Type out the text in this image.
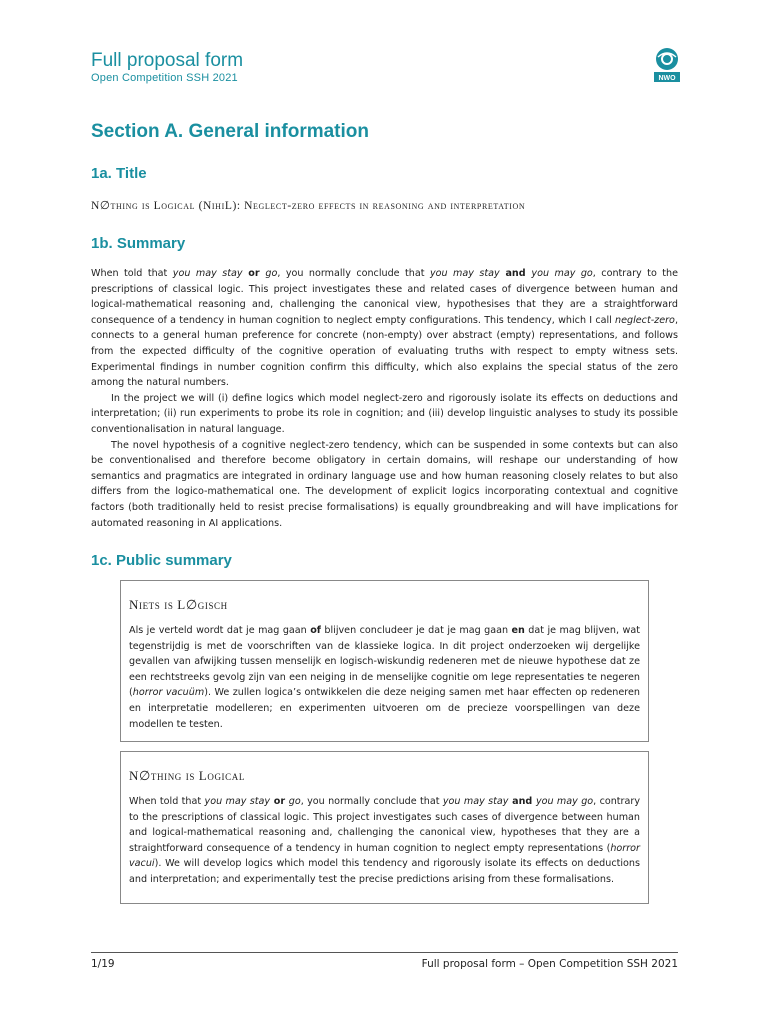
Full proposal form
Open Competition SSH 2021	NWO
Section A. General information
1a. Title
N∅thing is Logical (NihiL): Neglect-zero effects in reasoning and interpretation
1b. Summary

When told that you may stay or go, you normally conclude that you may stay and you may go, contrary to the prescriptions of classical logic. This project investigates these and related cases of divergence between human and logical-mathematical reasoning and, challenging the canonical view, hypothesises that they are a straightforward consequence of a tendency in human cognition to neglect empty configurations. This tendency, which I call neglect-zero, connects to a general human preference for concrete (non-empty) over abstract (empty) representations, and follows from the expected difficulty of the cognitive operation of evaluating truths with respect to empty witness sets. Experimental findings in number cognition confirm this difficulty, which also explains the special status of the zero among the natural numbers.

In the project we will (i) define logics which model neglect-zero and rigorously isolate its effects on deductions and interpretation; (ii) run experiments to probe its role in cognition; and (iii) develop linguistic analyses to study its possible conventionalisation in natural language.

The novel hypothesis of a cognitive neglect-zero tendency, which can be suspended in some contexts but can also be conventionalised and therefore become obligatory in certain domains, will reshape our understanding of how semantics and pragmatics are integrated in ordinary language use and how human reasoning closely relates to but also differs from the logico-mathematical one. The development of explicit logics incorporating contextual and cognitive factors (both traditionally held to resist precise formalisations) is equally groundbreaking and will have implications for automated reasoning in AI applications.

1c. Public summary
Niets is L∅gisch
Als je verteld wordt dat je mag gaan of blijven concludeer je dat je mag gaan en dat je mag blijven, wat tegenstrijdig is met de voorschriften van de klassieke logica. In dit project onderzoeken wij dergelijke gevallen van afwijking tussen menselijk en logisch-wiskundig redeneren met de nieuwe hypothese dat ze een rechtstreeks gevolg zijn van een neiging in de menselijke cognitie om lege representaties te negeren (horror vacuüm). We zullen logica’s ontwikkelen die deze neiging samen met haar effecten op redeneren en interpretatie modelleren; en experimenten uitvoeren om de precieze voorspellingen van deze modellen te testen.
N∅thing is Logical
When told that you may stay or go, you normally conclude that you may stay and you may go, contrary to the prescriptions of classical logic. This project investigates such cases of divergence between human and logical-mathematical reasoning and, challenging the canonical view, hypotheses that they are a straightforward consequence of a tendency in human cognition to neglect empty representations (horror vacui). We will develop logics which model this tendency and rigorously isolate its effects on deductions and interpretation; and experimentally test the precise predictions arising from these formalisations.
1/19	Full proposal form – Open Competition SSH 2021
